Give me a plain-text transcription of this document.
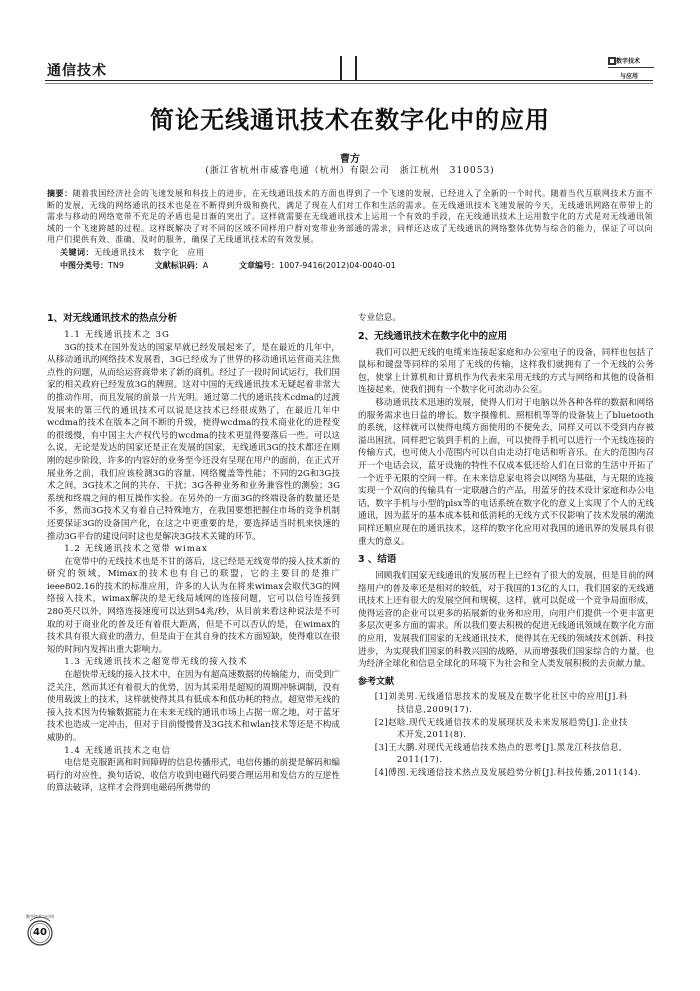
通信技术
数字技术
与应用
简论无线通讯技术在数字化中的应用
曹方
(浙江省杭州市威睿电通（杭州）有限公司　浙江杭州　310053)
摘要：随着我国经济社会的飞速发展和科技上的进步，在无线通讯技术的方面也得到了一个飞速的发展，已经进入了全新的一个时代。随着当代互联网技术方面不断的发展，无线的网络通讯的技术也是在不断得到升级和换代，满足了现在人们对工作和生活的需求。在无线通讯技术飞速发展的今天，无线通讯网路在带带上的需求与移动的网络宽带不充足的矛盾也是日渐的突出了。这样就需要在无线通讯技术上运用一个有效的手段，在无线通讯技术上运用数字化的方式是对无线通讯领域的一个飞速跨越的过程。这样既解决了对不同的区域不同样用户群对宽带业务部通的需求，同样还达成了无线通讯的网络整体优势与综合的能力，保证了可以向用户们提供有效、准确、及时的服务，确保了无线通讯技术的有效发展。
关键词：无线通讯技术　数字化　应用
中图分类号：TN9	文献标识码：A	文章编号：1007-9416(2012)04-0040-01
1、对无线通讯技术的热点分析
1.1 无线通讯技术之 3G

3G的技术在国外发达的国家早就已经发展起来了，是在最近的几年中，从移动通讯的网络技术发展看，3G已经成为了世界的移动通讯运营商关注焦点性的问题，从而给运营商带来了新的商机。经过了一段时间试运行，我们国家的相关政府已经发放3G的牌照。这对中国的无线通讯技术无疑起着非常大的推动作用，而且发展的前景一片光明。通过第二代的通讯技术cdma的过渡发展来的第三代的通讯技术可以说是这技术已经很成熟了，在最近几年中wcdma的技术在版本之间不断的升级，使得wcdma的技术商业化的进程变的很缓慢，有中国主大产权代号的wcdma的技术更显得要落后一些。可以这么说，无论是发达的国家还是正在发展的国家，无线通讯3G的技术都还在刚刚的起步阶段，许多的内容好的业务至今还没有呈现在用户的面前，在正式开展业务之前，我们应该检测3G的容量、网络覆盖等性能；不同的2G和3G技术之间，3G技术之间的共存、干扰；3G各种业务和业务兼容性的测验；3G系统和终端之间的相互操作实验。在另外的一方面3G的终端设备的数量还是不多，然而3G技术又有着自己特殊地方，在我国要想把握住市场的竞争机制还要保证3G的设备国产化，在这之中更重要的是，要选择适当时机来快速的推动3G平台的建设问时这也是解决3G技术关键的环节。

1.2 无线通讯技术之宽带 wimax

在宽带中的无线技术也是不甘的落后，这已经是无线宽带的接入技术新的研究的领域，Mimax的技术也有自己的联盟，它的主要目的是推广ieee802.16的技术的标准应用，许多的人认为在将来wimax会取代3G的网络接入技术，wimax解决的是无线局域网的连接问题，它可以信号连接到280英尺以外，网络连接速度可以达到54兆/秒，从目前来看这种说法是不可取的对于商业化的普及还有着很大距离，但是不可以否认的是，在wimax的技术具有很大商业的潜力，但是由于在其自身的技术方面短缺，使得难以在很短的时间内发挥出重大影响力。

1.3 无线通讯技术之超宽带无线的接入技术

在超快带无线的接入技术中，在因为有超高速数据的传输能力，而受到广泛关注，然而其还有着很大的优势，因为其采用是超短的周期冲脉调制，没有使用载波上的技术，这样就使得其具有低成本和低功耗的特点，超宽带无线的接入技术因为传输数据能力在未来无线的通讯市场上占据一席之地，对于蓝牙技术也造成一定冲击，但对于目前慢慢普及3G技术和wlan技术等还是不构成威胁的。

1.4 无线通讯技术之电信

电信是克服距离和时间障碍的信息传播形式，电信传播的前提是解码和编码行的对应性，换句话说，收信方收到电磁代码要合理运用和发信方的互逆性的算法破译，这样才会得到电磁码所携带的

专业信息。

2、无线通讯技术在数字化中的应用

我们可以把无线的电缆来连接起家庭和办公室电子的设备，同样也包括了鼠标和键盘等同样的采用了无线的传输，这样我们就拥有了一个无线的公务包，使掌上计算机和计算机作为代表来采用无线的方式与网络和其他的设备相连接起来，使我们拥有一个数字化可流动办公室。

移动通讯技术迅速的发展，使得人们对于电脑以外各种各样的数据和网络的服务需求也日益的增长。数字摄像机、照相机等等的设备装上了bluetooth的系统，这样就可以使得电缆方面使用的不便免去，同样又可以不受到内存被溢出困扰，同样把它装到手机的上面，可以使得手机可以进行一个无线连接的传输方式，也可使人小范围内可以自由走动打电话和听音乐。在大的范围内召开一个电话会议，蓝牙设施的特性不仅成本低还给人们在日常的生活中开拓了一个近乎无限的空间一样。在未来信息家电将会以网络为基础，与无限的连接实现一个双向的传输具有一定联融合的产品，用蓝牙的技术设计家庭和办公电话，数字手机与小型的plsx等的电话系统在数字化的意义上实现了个人的无线通讯，因为蓝牙的基本成本低和低消耗的无线方式不仅影响了技术发展的潮流同样还顺应现在的通讯技术，这样的数字化应用对我国的通讯界的发展具有很重大的意义。

3 、结语

回顾我们国家无线通讯的发展历程上已经有了很大的发展，但是目前的网络用户的普及率还是相对的较低，对于我国的13亿的人口，我们国家的无线通讯技术上还有很大的发展空间和规模，这样，就可以促成一个竞争局面形成，使得运营的企业可以更多的拓展新的业务和应用，向用户们提供一个更丰富更多层次更多方面的需求。所以我们要去积极的促进无线通讯领域在数字化方面的应用，发展我们国家的无线通讯技术，使得其在无线的领域技术创新、科技进步，为实现我们国家的科教兴国的战略，从而增强我们国家综合的力量，也为经济全球化和信息全球化的环境下为社会和全人类发展积极的去贡献力量。

参考文献

[1]刘美男.无线通信思技术的发展及在数字化社区中的应用[J].科

技信息,2009(17).

[2]赵晗.现代无线通信技术的发展现状及未来发展趋势[J].企业技

术开发,2011(8).

[3]王大鹏.对现代无线通信技术热点的思考[J].黑龙江科技信息,

2011(17).

[4]傅图.无线通信技术热点及发展趋势分析[J].科技传播,2011(14).

数字技术与应用
40
